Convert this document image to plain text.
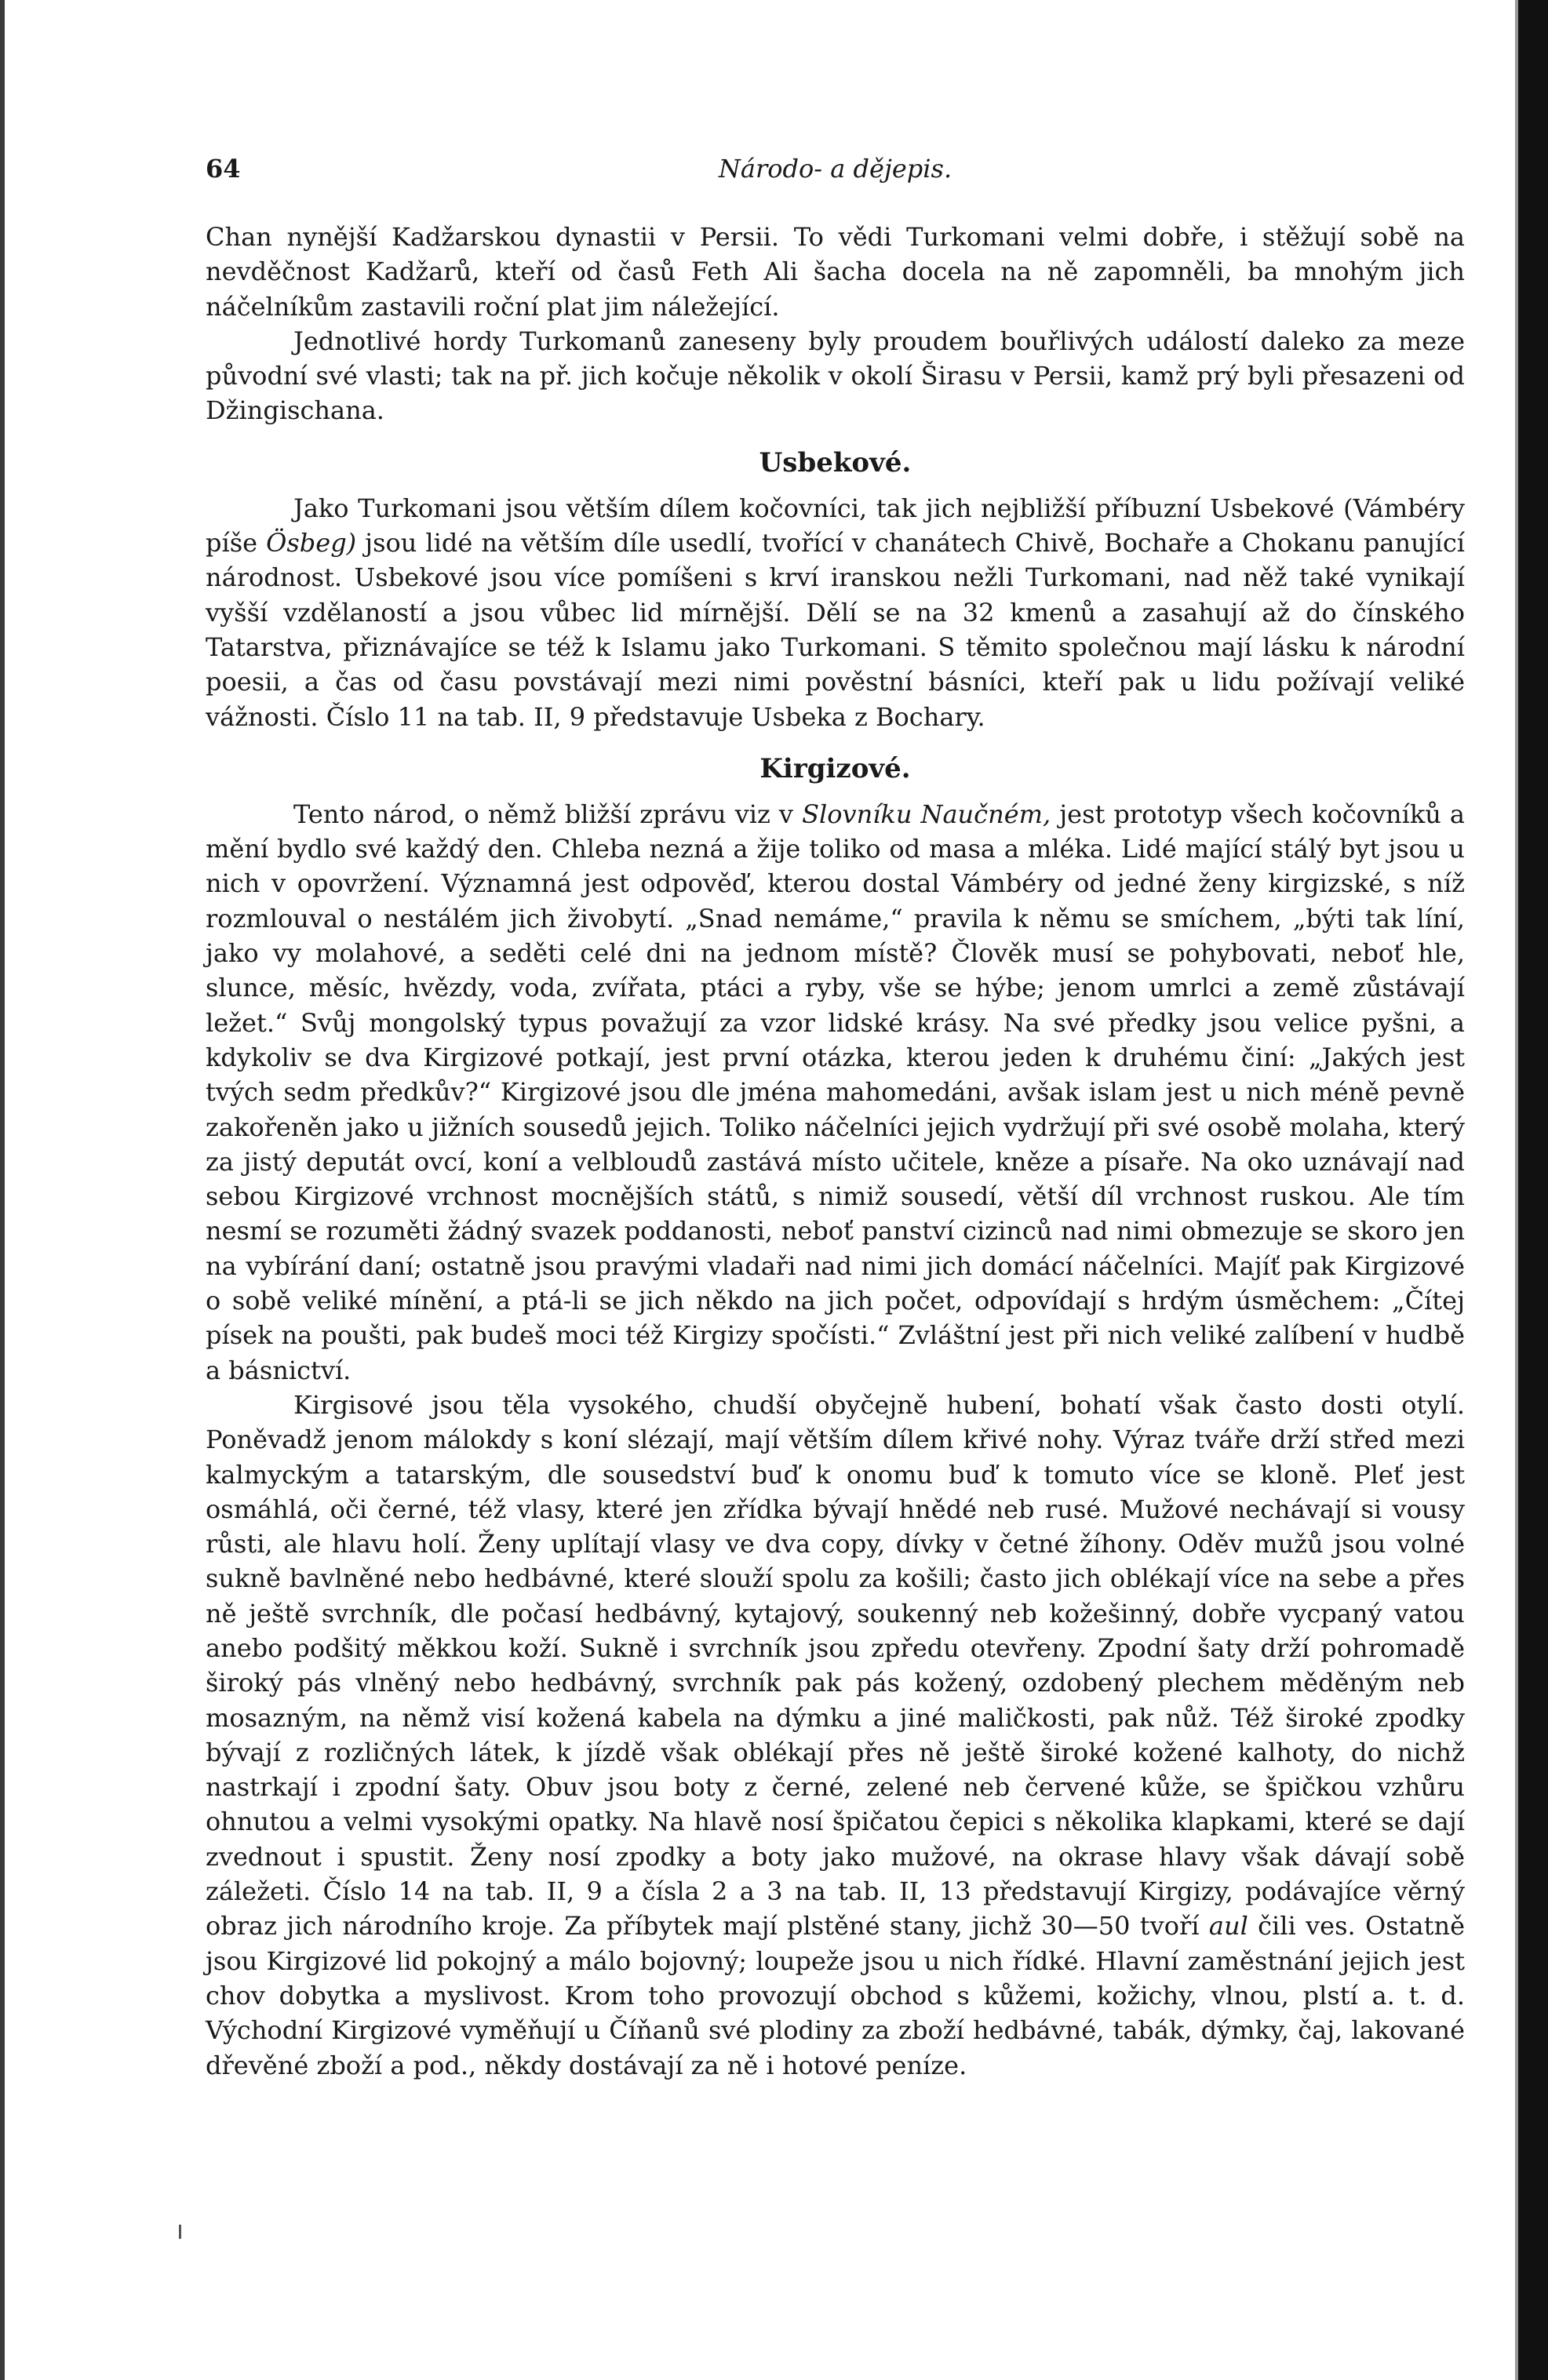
64	Národo- a dějepis.

Chan nynější Kadžarskou dynastii v Persii. To vědi Turkomani velmi dobře, i stěžují sobě na nevděčnost Kadžarů, kteří od časů Feth Ali šacha docela na ně zapomněli, ba mnohým jich náčelníkům zastavili roční plat jim náležející.

Jednotlivé hordy Turkomanů zaneseny byly proudem bouřlivých událostí daleko za meze původní své vlasti; tak na př. jich kočuje několik v okolí Širasu v Persii, kamž prý byli přesazeni od Džingischana.

Usbekové.

Jako Turkomani jsou větším dílem kočovníci, tak jich nejbližší příbuzní Usbekové (Vámbéry píše Ösbeg) jsou lidé na větším díle usedlí, tvořící v chanátech Chivě, Bochaře a Chokanu panující národnost. Usbekové jsou více pomíšeni s krví iranskou nežli Turkomani, nad něž také vynikají vyšší vzdělaností a jsou vůbec lid mírnější. Dělí se na 32 kmenů a zasahují až do čínského Tatarstva, přiznávajíce se též k Islamu jako Turkomani. S těmito společnou mají lásku k národní poesii, a čas od času povstávají mezi nimi pověstní básníci, kteří pak u lidu požívají veliké vážnosti. Číslo 11 na tab. II, 9 představuje Usbeka z Bochary.

Kirgizové.

Tento národ, o němž bližší zprávu viz v Slovníku Naučném, jest prototyp všech kočovníků a mění bydlo své každý den. Chleba nezná a žije toliko od masa a mléka. Lidé mající stálý byt jsou u nich v opovržení. Významná jest odpověď, kterou dostal Vámbéry od jedné ženy kirgizské, s níž rozmlouval o nestálém jich živobytí. „Snad nemáme,“ pravila k němu se smíchem, „býti tak líní, jako vy molahové, a seděti celé dni na jednom místě? Člověk musí se pohybovati, neboť hle, slunce, měsíc, hvězdy, voda, zvířata, ptáci a ryby, vše se hýbe; jenom umrlci a země zůstávají ležet.“ Svůj mongolský typus považují za vzor lidské krásy. Na své předky jsou velice pyšni, a kdykoliv se dva Kirgizové potkají, jest první otázka, kterou jeden k druhému činí: „Jakých jest tvých sedm předkův?“ Kirgizové jsou dle jména mahomedáni, avšak islam jest u nich méně pevně zakořeněn jako u jižních sousedů jejich. Toliko náčelníci jejich vydržují při své osobě molaha, který za jistý deputát ovcí, koní a velbloudů zastává místo učitele, kněze a písaře. Na oko uznávají nad sebou Kirgizové vrchnost mocnějších států, s nimiž sousedí, větší díl vrchnost ruskou. Ale tím nesmí se rozuměti žádný svazek poddanosti, neboť panství cizinců nad nimi obmezuje se skoro jen na vybírání daní; ostatně jsou pravými vladaři nad nimi jich domácí náčelníci. Majíť pak Kirgizové o sobě veliké mínění, a ptá-li se jich někdo na jich počet, odpovídají s hrdým úsměchem: „Čítej písek na poušti, pak budeš moci též Kirgizy spočísti.“ Zvláštní jest při nich veliké zalíbení v hudbě a básnictví.

Kirgisové jsou těla vysokého, chudší obyčejně hubení, bohatí však často dosti otylí. Poněvadž jenom málokdy s koní slézají, mají větším dílem křivé nohy. Výraz tváře drží střed mezi kalmyckým a tatarským, dle sousedství buď k onomu buď k tomuto více se kloně. Pleť jest osmáhlá, oči černé, též vlasy, které jen zřídka bývají hnědé neb rusé. Mužové nechávají si vousy růsti, ale hlavu holí. Ženy uplítají vlasy ve dva copy, dívky v četné žíhony. Oděv mužů jsou volné sukně bavlněné nebo hedbávné, které slouží spolu za košili; často jich oblékají více na sebe a přes ně ještě svrchník, dle počasí hedbávný, kytajový, soukenný neb kožešinný, dobře vycpaný vatou anebo podšitý měkkou koží. Sukně i svrchník jsou zpředu otevřeny. Zpodní šaty drží pohromadě široký pás vlněný nebo hedbávný, svrchník pak pás kožený, ozdobený plechem měděným neb mosazným, na němž visí kožená kabela na dýmku a jiné maličkosti, pak nůž. Též široké zpodky bývají z rozličných látek, k jízdě však oblékají přes ně ještě široké kožené kalhoty, do nichž nastrkají i zpodní šaty. Obuv jsou boty z černé, zelené neb červené kůže, se špičkou vzhůru ohnutou a velmi vysokými opatky. Na hlavě nosí špičatou čepici s několika klapkami, které se dají zvednout i spustit. Ženy nosí zpodky a boty jako mužové, na okrase hlavy však dávají sobě záležeti. Číslo 14 na tab. II, 9 a čísla 2 a 3 na tab. II, 13 představují Kirgizy, podávajíce věrný obraz jich národního kroje. Za příbytek mají plstěné stany, jichž 30—50 tvoří aul čili ves. Ostatně jsou Kirgizové lid pokojný a málo bojovný; loupeže jsou u nich řídké. Hlavní zaměstnání jejich jest chov dobytka a myslivost. Krom toho provozují obchod s kůžemi, kožichy, vlnou, plstí a. t. d. Východní Kirgizové vyměňují u Číňanů své plodiny za zboží hedbávné, tabák, dýmky, čaj, lakované dřevěné zboží a pod., někdy dostávají za ně i hotové peníze.
